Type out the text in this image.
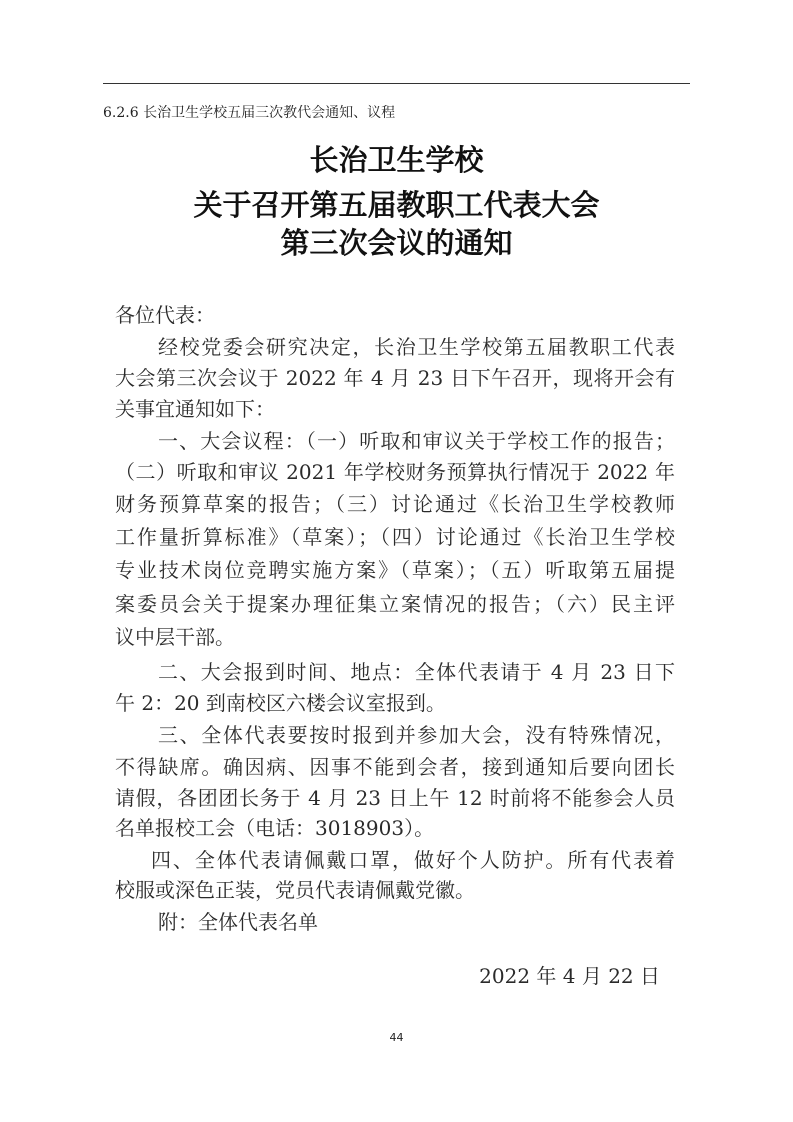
6.2.6 长治卫生学校五届三次教代会通知、议程
长治卫生学校
关于召开第五届教职工代表大会
第三次会议的通知
各位代表：
经校党委会研究决定，长治卫生学校第五届教职工代表
大会第三次会议于 2022 年 4 月 23 日下午召开，现将开会有
关事宜通知如下：
一、大会议程：（一）听取和审议关于学校工作的报告；
（二）听取和审议 2021 年学校财务预算执行情况于 2022 年
财务预算草案的报告；（三）讨论通过《长治卫生学校教师
工作量折算标准》（草案）；（四）讨论通过《长治卫生学校
专业技术岗位竞聘实施方案》（草案）；（五）听取第五届提
案委员会关于提案办理征集立案情况的报告；（六）民主评
议中层干部。
二、大会报到时间、地点：全体代表请于 4 月 23 日下
午 2：20 到南校区六楼会议室报到。
三、全体代表要按时报到并参加大会，没有特殊情况，
不得缺席。确因病、因事不能到会者，接到通知后要向团长
请假，各团团长务于 4 月 23 日上午 12 时前将不能参会人员
名单报校工会（电话：3018903）。
四、全体代表请佩戴口罩，做好个人防护。所有代表着
校服或深色正装，党员代表请佩戴党徽。
附：全体代表名单
2022 年 4 月 22 日
44
